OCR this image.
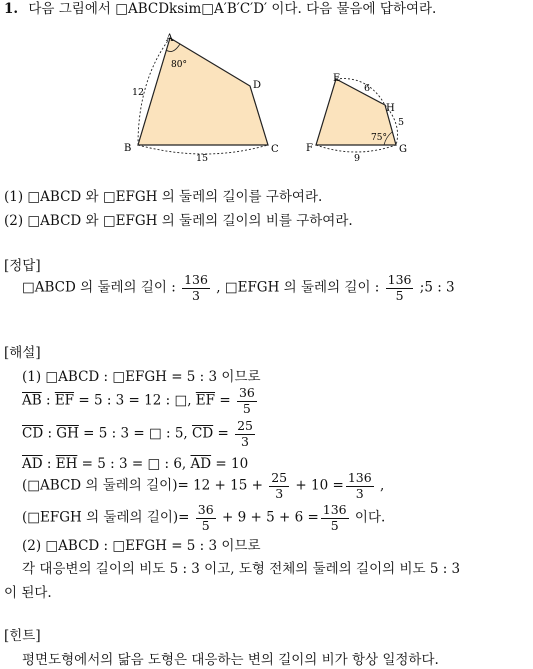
1. 다음 그림에서 □ABCDksim□A′B′C′D′ 이다. 다음 물음에 답하여라.
A
B	C
D
80°
12
15
E
F	G
H
6
5
9
75°
(1) □ABCD 와 □EFGH 의 둘레의 길이를 구하여라.
(2) □ABCD 와 □EFGH 의 둘레의 길이의 비를 구하여라.
[정답]
□ABCD 의 둘레의 길이 : $\frac{136}{3}$ , □EFGH 의 둘레의 길이 : $\frac{136}{5}$ ;5 : 3
[해설]
(1) □ABCD : □EFGH = 5 : 3 이므로
$\overline{AB}$ : $\overline{EF} = 5$ : 3 = 12 : □, $\overline{EF} = \frac{36}{5}$
$\overline{CD}$ : $\overline{GH} = 5$ : 3 = □ : 5, $\overline{CD} = \frac{25}{3}$
$\overline{AD}$ : $\overline{EH} = 5$ : 3 = □ : 6, $\overline{AD} = 10$
(□ABCD 의 둘레의 길이)= $12 + 15 + \frac{25}{3} + 10 = \frac{136}{3}$ ,
(□EFGH 의 둘레의 길이)= $\frac{36}{5} + 9 + 5 + 6 = \frac{136}{5}$ 이다.
(2) □ABCD : □EFGH = 5 : 3 이므로
각 대응변의 길이의 비도 5 : 3 이고, 도형 전체의 둘레의 길이의 비도 5 : 3
이 된다.
[힌트]
평면도형에서의 닮음 도형은 대응하는 변의 길이의 비가 항상 일정하다.
